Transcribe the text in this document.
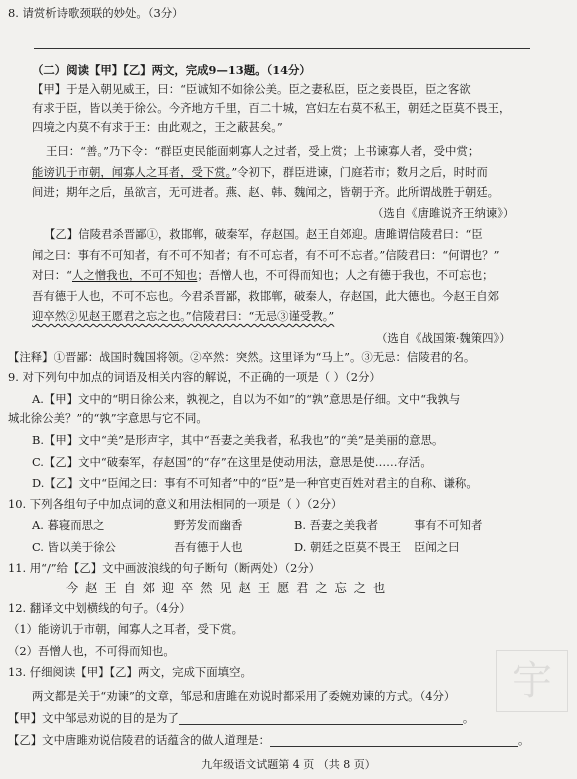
8. 请赏析诗歌颈联的妙处。（3分）
（二）阅读【甲】【乙】两文，完成9—13题。（14分）
【甲】于是入朝见威王，曰：“臣诚知不如徐公美。臣之妻私臣，臣之妾畏臣，臣之客欲
有求于臣，皆以美于徐公。今齐地方千里，百二十城，宫妇左右莫不私王，朝廷之臣莫不畏王，
四境之内莫不有求于王：由此观之，王之蔽甚矣。”
王曰：“善。”乃下令：“群臣吏民能面刺寡人之过者，受上赏；上书谏寡人者，受中赏；
能谤讥于市朝，闻寡人之耳者，受下赏。”令初下，群臣进谏，门庭若市；数月之后，时时而
间进；期年之后，虽欲言，无可进者。燕、赵、韩、魏闻之，皆朝于齐。此所谓战胜于朝廷。
（选自《唐雎说齐王纳谏》）
【乙】信陵君杀晋鄙①，救邯郸，破秦军，存赵国。赵王自郊迎。唐雎谓信陵君曰：“臣
闻之曰：事有不可知者，有不可不知者；有不可忘者，有不可不忘者。”信陵君曰：“何谓也？”
对曰：“人之憎我也，不可不知也；吾憎人也，不可得而知也；人之有德于我也，不可忘也；
吾有德于人也，不可不忘也。今君杀晋鄙，救邯郸，破秦人，存赵国，此大德也。今赵王自郊
迎卒然②见赵王愿君之忘之也。”信陵君曰：“无忌③谨受教。”
（选自《战国策·魏策四》）
【注释】①晋鄙：战国时魏国将领。②卒然：突然。这里译为“马上”。③无忌：信陵君的名。
9. 对下列句中加点的词语及相关内容的解说，不正确的一项是（ ）（2分）
A.【甲】文中的“明日徐公来，孰视之，自以为不如”的“孰”意思是仔细。文中“我孰与
城北徐公美？”的“孰”字意思与它不同。
B.【甲】文中“美”是形声字，其中“吾妻之美我者，私我也”的“美”是美丽的意思。
C.【乙】文中“破秦军，存赵国”的“存”在这里是使动用法，意思是使……存活。
D.【乙】文中“臣闻之曰：事有不可知者”中的“臣”是一种官吏百姓对君主的自称、谦称。
10. 下列各组句子中加点词的意义和用法相同的一项是（ ）（2分）
A. 暮寝而思之	野芳发而幽香	B. 吾妻之美我者	事有不可知者
C. 皆以美于徐公	吾有德于人也	D. 朝廷之臣莫不畏王 臣闻之曰
11. 用“/”给【乙】文中画波浪线的句子断句（断两处）（2分）
今赵王自郊迎卒然见赵王愿君之忘之也
12. 翻译文中划横线的句子。（4分）
（1）能谤讥于市朝，闻寡人之耳者，受下赏。
（2）吾憎人也，不可得而知也。
13. 仔细阅读【甲】【乙】两文，完成下面填空。
两文都是关于“劝谏”的文章，邹忌和唐雎在劝说时都采用了委婉劝谏的方式。（4分）
【甲】文中邹忌劝说的目的是为了	。
【乙】文中唐雎劝说信陵君的话蕴含的做人道理是：	。
宇
九年级语文试题第 4 页 （共 8 页）
